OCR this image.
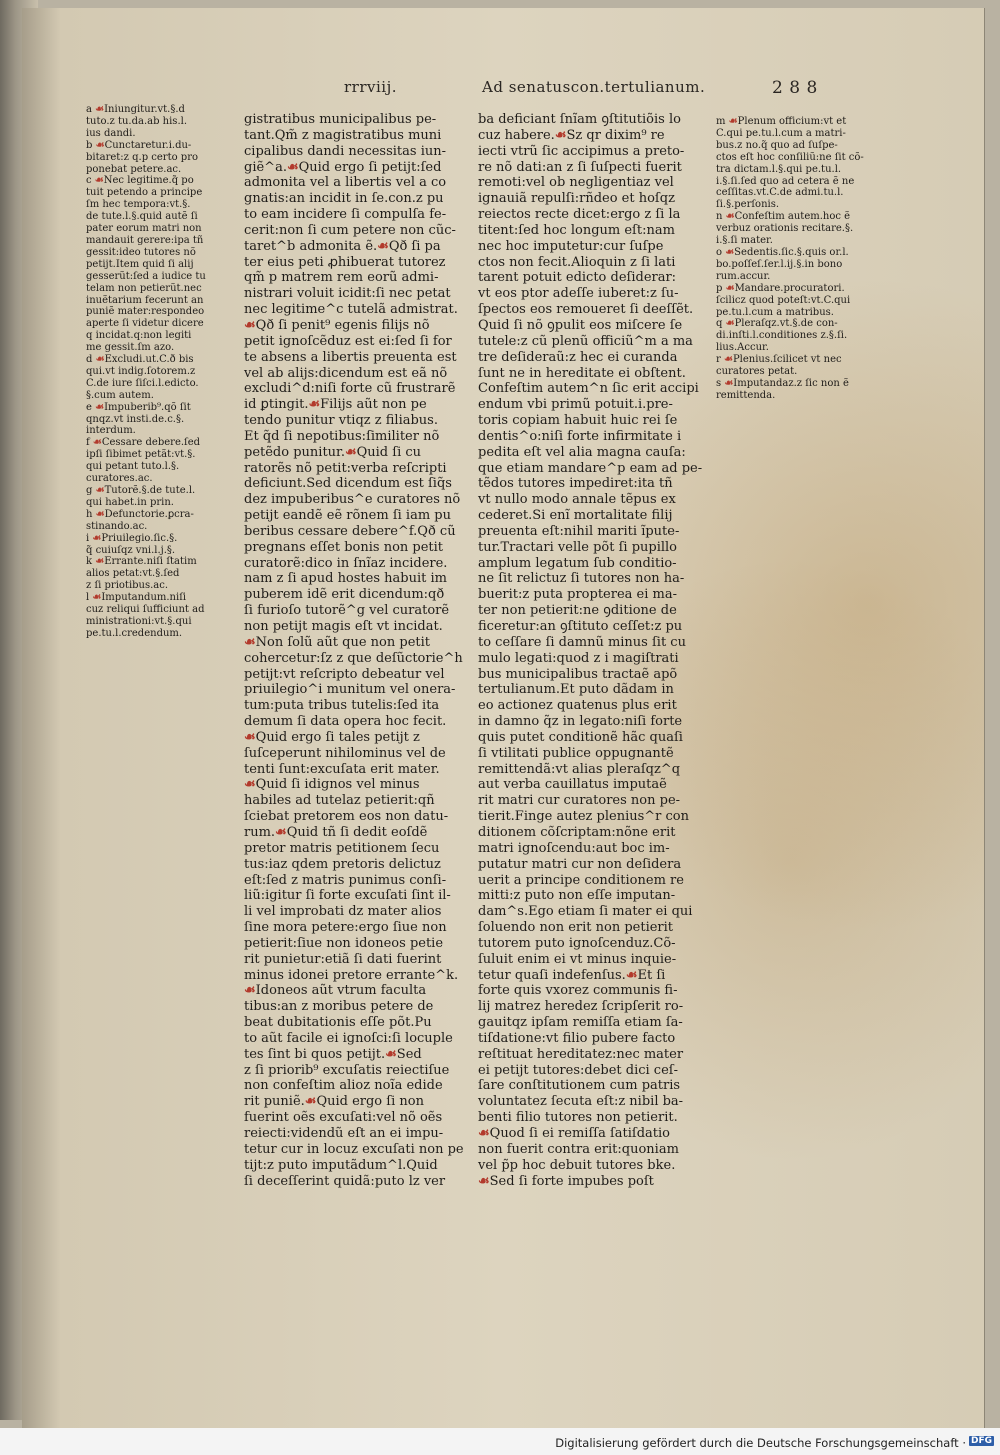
rrrviij.	Ad senatuscon.tertulianum.	2 8 8

a ☙Iniungitur.vt.§.d

tuto.z tu.da.ab his.l.

ius dandi.

b ☙Cunctaretur.i.du-

bitaret:z q.p certo pro

ponebat petere.ac.

c ☙Nec legitime.q̃ po

tuit petendo a principe

ſm hec tempora:vt.§.

de tute.l.§.quid autẽ ſi

pater eorum matri non

mandauit gerere:ipa tñ

gessit:ideo tutores nõ

petijt.Item quid ſi alij

gesserũt:ſed a iudice tu

telam non petierũt.nec

inuẽtarium fecerunt an

puniẽ mater:respondeo

aperte ſi videtur dicere

q incidat.q:non legiti

me gessit.ſm azo.

d ☙Excludi.ut.C.ð bis

qui.vt indig.ſotorem.z

C.de iure ſiſci.l.edicto.

§.cum autem.

e ☙Impuberib⁹.qõ ſit

qnqz.vt insti.de.c.§.

interdum.

f ☙Cessare debere.ſed

ipſi ſibimet petãt:vt.§.

qui petant tuto.l.§.

curatores.ac.

g ☙Tutorẽ.§.de tute.l.

qui habet.in prin.

h ☙Defunctorie.ꝑcra-

stinando.ac.

i ☙Priuilegio.ſic.§.

q̃ cuiuſqz vni.l.j.§.

k ☙Errante.niſi ſtatim

alios petat:vt.§.ſed

z ſi priotibus.ac.

l ☙Imputandum.niſi

cuz reliqui ſufficiunt ad

ministrationi:vt.§.qui

pe.tu.l.credendum.

gistratibus municipalibus pe-

tant.Qm̃ z magistratibus muni

cipalibus dandi necessitas iun-

giẽ^a.☙Quid ergo ſi petijt:ſed

admonita vel a libertis vel a co

gnatis:an incidit in ſe.con.z pu

to eam incidere ſi compulſa fe-

cerit:non ſi cum petere non cũc-

taret^b admonita ẽ.☙Qð ſi pa

ter eius peti ꝓhibuerat tutorez

qm̃ p matrem rem eorũ admi-

nistrari voluit icidit:ſi nec petat

nec legitime^c tutelã admistrat.

☙Qð ſi penit⁹ egenis filijs nõ

petit ignoſcẽduz est ei:ſed ſi for

te absens a libertis preuenta est

vel ab alijs:dicendum est eã nõ

excludi^d:niſi forte cũ frustrarẽ

id ꝑtingit.☙Filijs aũt non pe

tendo punitur vtiqz z filiabus.

Et q̃d ſi nepotibus:ſimiliter nõ

petẽdo punitur.☙Quid ſi cu

ratorẽs nõ petit:verba reſcripti

deficiunt.Sed dicendum est ſiq̃s

dez impuberibus^e curatores nõ

petijt eandẽ eẽ rõnem ſi iam pu

beribus cessare debere^f.Qð cũ

pregnans eſſet bonis non petit

curatorẽ:dico in ſnĩaz incidere.

nam z ſi apud hostes habuit im

puberem idẽ erit dicendum:qð

ſi furioſo tutorẽ^g vel curatorẽ

non petijt magis eſt vt incidat.

☙Non ſolũ aũt que non petit

cohercetur:ſz z que deſũctorie^h

petijt:vt reſcripto debeatur vel

priuilegio^i munitum vel onera-

tum:puta tribus tutelis:ſed ita

demum ſi data opera hoc fecit.

☙Quid ergo ſi tales petijt z

ſuſceperunt nihilominus vel de

tenti ſunt:excuſata erit mater.

☙Quid ſi idignos vel minus

habiles ad tutelaz petierit:qñ

ſciebat pretorem eos non datu-

rum.☙Quid tñ ſi dedit eoſdẽ

pretor matris petitionem ſecu

tus:iaz qdem pretoris delictuz

eſt:ſed z matris punimus conſi-

liũ:igitur ſi forte excuſati ſint il-

li vel improbati dz mater alios

ſine mora petere:ergo ſiue non

petierit:ſiue non idoneos petie

rit punietur:etiã ſi dati fuerint

minus idonei pretore errante^k.

☙Idoneos aũt vtrum faculta

tibus:an z moribus petere de

beat dubitationis eſſe põt.Pu

to aũt facile ei ignoſci:ſi locuple

tes ſint bi quos petijt.☙Sed

z ſi priorib⁹ excuſatis reiectiſue

non confeſtim alioz noĩa edide

rit puniẽ.☙Quid ergo ſi non

fuerint oẽs excuſati:vel nõ oẽs

reiecti:videndũ eſt an ei impu-

tetur cur in locuz excuſati non pe

tijt:z puto imputãdum^l.Quid

ſi deceſſerint quidã:puto lz ver

ba deficiant ſnĩam ꝯſtitutiõis lo

cuz habere.☙Sz qr dixim⁹ re

iecti vtrũ ſic accipimus a preto-

re nõ dati:an z ſi ſuſpecti fuerit

remoti:vel ob negligentiaz vel

ignauiã repulſi:rñdeo et hoſqz

reiectos recte dicet:ergo z ſi la

titent:ſed hoc longum eſt:nam

nec hoc imputetur:cur ſuſpe

ctos non fecit.Alioquin z ſi lati

tarent potuit edicto deſiderar:

vt eos ptor adeſſe iuberet:z ſu-

ſpectos eos remoueret ſi deeſſẽt.

Quid ſi nõ ꝯpulit eos miſcere ſe

tutele:z cũ plenũ officiũ^m a ma

tre deſideraũ:z hec ei curanda

ſunt ne in hereditate ei obſtent.

Confeſtim autem^n ſic erit accipi

endum vbi primũ potuit.i.pre-

toris copiam habuit huic rei ſe

dentis^o:niſi forte infirmitate i

pedita eſt vel alia magna cauſa:

que etiam mandare^p eam ad pe-

tẽdos tutores impediret:ita tñ

vt nullo modo annale tẽpus ex

cederet.Si enĩ mortalitate filij

preuenta eſt:nihil mariti ĩpute-

tur.Tractari velle põt ſi pupillo

amplum legatum ſub conditio-

ne ſit relictuz ſi tutores non ha-

buerit:z puta propterea ei ma-

ter non petierit:ne ꝯditione de

ficeretur:an ꝯſtituto ceſſet:z pu

to ceſſare ſi damnũ minus ſit cu

mulo legati:quod z i magiſtrati

bus municipalibus tractaẽ apõ

tertulianum.Et puto dãdam in

eo actionez quatenus plus erit

in damno q̃z in legato:niſi forte

quis putet conditionẽ hãc quaſi

ſi vtilitati publice oppugnantẽ

remittendã:vt alias pleraſqz^q

aut verba cauillatus imputaẽ

rit matri cur curatores non pe-

tierit.Finge autez plenius^r con

ditionem cõſcriptam:nõne erit

matri ignoſcendu:aut boc im-

putatur matri cur non deſidera

uerit a principe conditionem re

mitti:z puto non eſſe imputan-

dam^s.Ego etiam ſi mater ei qui

ſoluendo non erit non petierit

tutorem puto ignoſcenduz.Cõ-

ſuluit enim ei vt minus inquie-

tetur quaſi indefenſus.☙Et ſi

forte quis vxorez communis fi-

lij matrez heredez ſcripſerit ro-

gauitqz ipſam remiſſa etiam ſa-

tiſdatione:vt filio pubere facto

reſtituat hereditatez:nec mater

ei petijt tutores:debet dici ceſ-

ſare conſtitutionem cum patris

voluntatez ſecuta eſt:z nibil ba-

benti filio tutores non petierit.

☙Quod ſi ei remiſſa ſatiſdatio

non fuerit contra erit:quoniam

vel p̃p hoc debuit tutores bke.

☙Sed ſi forte impubes poſt

m ☙Plenum officium:vt et

C.qui pe.tu.l.cum a matri-

bus.z no.q̃ quo ad ſuſpe-

ctos eſt hoc conſiliũ:ne ſit cõ-

tra dictam.l.§.qui pe.tu.l.

i.§.ſi.ſed quo ad cetera ẽ ne

ceſſitas.vt.C.de admi.tu.l.

ſi.§.perſonis.

n ☙Confeſtim autem.hoc ẽ

verbuz orationis recitare.§.

i.§.ſi mater.

o ☙Sedentis.ſic.§.quis or.l.

bo.poſſeſ.ſer.l.ij.§.in bono

rum.accur.

p ☙Mandare.procuratori.

ſcilicz quod poteſt:vt.C.qui

pe.tu.l.cum a matribus.

q ☙Pleraſqz.vt.§.de con-

di.inſti.l.conditiones z.§.ſi.

lius.Accur.

r ☙Plenius.ſcilicet vt nec

curatores petat.

s ☙Imputandaz.z ſic non ẽ

remittenda.

Digitalisierung gefördert durch die Deutsche Forschungsgemeinschaft · DFG
